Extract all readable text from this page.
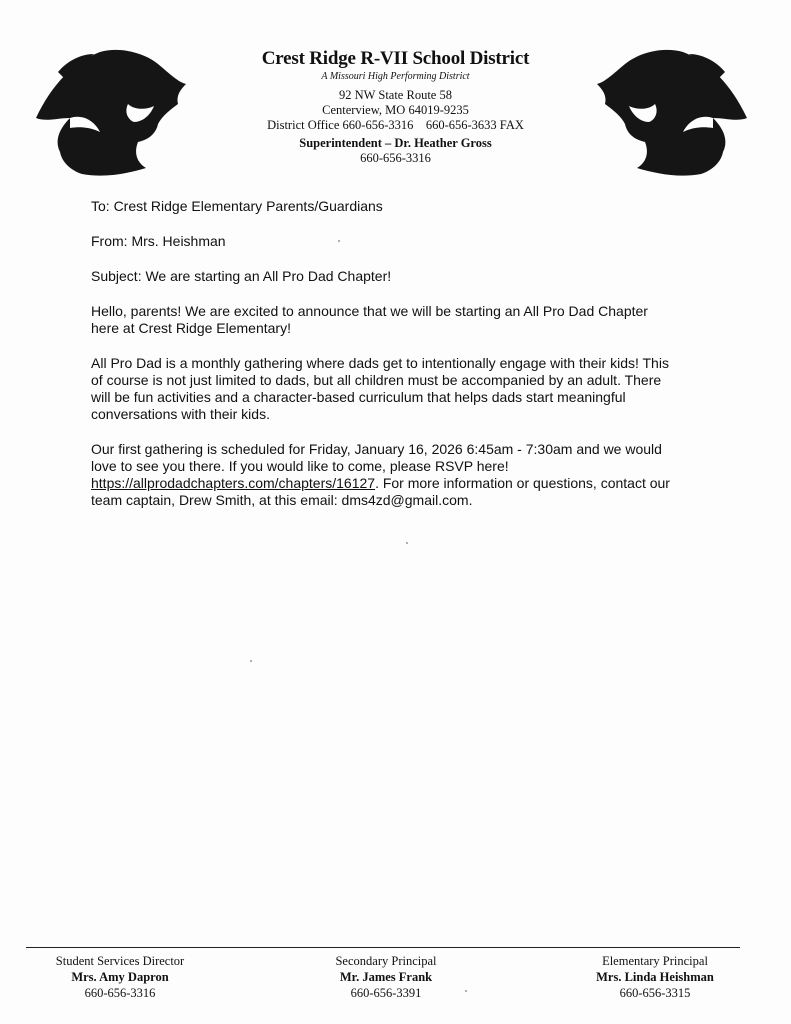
Crest Ridge R-VII School District
A Missouri High Performing District
92 NW State Route 58
Centerview, MO 64019-9235
District Office 660-656-3316    660-656-3633 FAX
Superintendent – Dr. Heather Gross
660-656-3316

To: Crest Ridge Elementary Parents/Guardians

From: Mrs. Heishman

Subject: We are starting an All Pro Dad Chapter!

Hello, parents! We are excited to announce that we will be starting an All Pro Dad Chapter here at Crest Ridge Elementary!

All Pro Dad is a monthly gathering where dads get to intentionally engage with their kids! This of course is not just limited to dads, but all children must be accompanied by an adult. There will be fun activities and a character-based curriculum that helps dads start meaningful conversations with their kids.

Our first gathering is scheduled for Friday, January 16, 2026 6:45am - 7:30am and we would love to see you there. If you would like to come, please RSVP here! https://allprodadchapters.com/chapters/16127. For more information or questions, contact our team captain, Drew Smith, at this email: dms4zd@gmail.com.

Student Services Director
Mrs. Amy Dapron
660-656-3316
Secondary Principal
Mr. James Frank
660-656-3391
Elementary Principal
Mrs. Linda Heishman
660-656-3315
